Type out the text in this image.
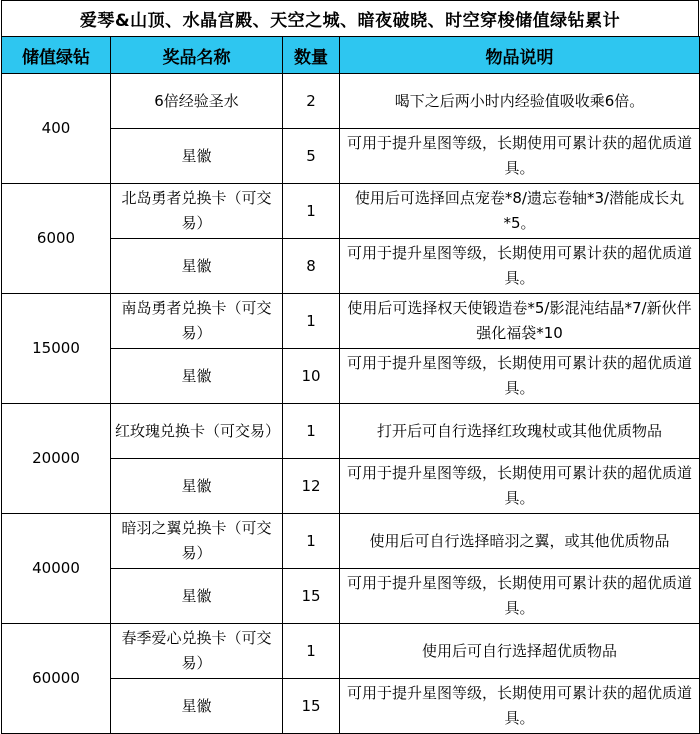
爱琴&山顶、水晶宫殿、天空之城、暗夜破晓、时空穿梭储值绿钻累计
储值绿钻	奖品名称	数量	物品说明
400	6倍经验圣水	2	喝下之后两小时内经验值吸收乘6倍。
	星徽	5	可用于提升星图等级，长期使用可累计获的超优质道具。
6000	北岛勇者兑换卡（可交易）	1	使用后可选择回点宠卷*8/遗忘卷轴*3/潜能成长丸*5。
	星徽	8	可用于提升星图等级，长期使用可累计获的超优质道具。
15000	南岛勇者兑换卡（可交易）	1	使用后可选择权天使锻造卷*5/影混沌结晶*7/新伙伴强化福袋*10
	星徽	10	可用于提升星图等级，长期使用可累计获的超优质道具。
20000	红玫瑰兑换卡（可交易）	1	打开后可自行选择红玫瑰杖或其他优质物品
	星徽	12	可用于提升星图等级，长期使用可累计获的超优质道具。
40000	暗羽之翼兑换卡（可交易）	1	使用后可自行选择暗羽之翼，或其他优质物品
	星徽	15	可用于提升星图等级，长期使用可累计获的超优质道具。
60000	春季爱心兑换卡（可交易）	1	使用后可自行选择超优质物品
	星徽	15	可用于提升星图等级，长期使用可累计获的超优质道具。
